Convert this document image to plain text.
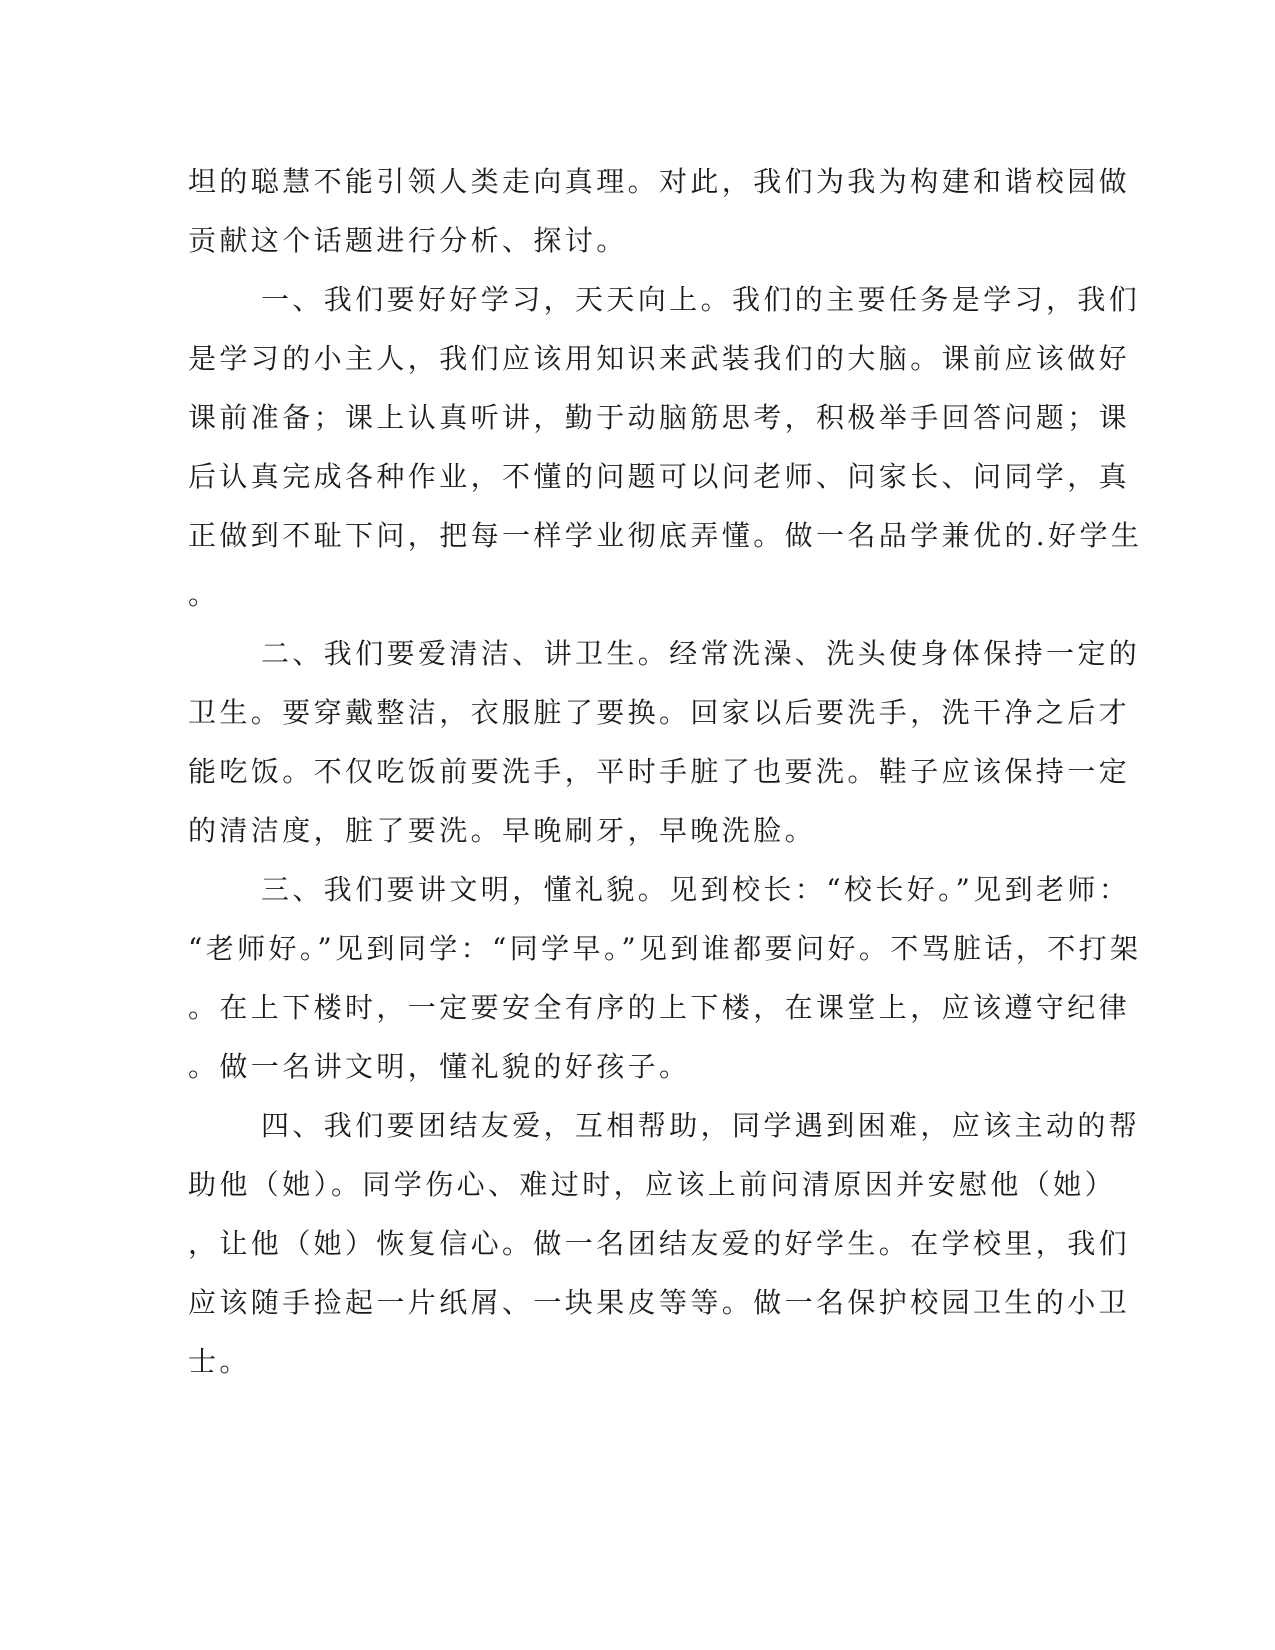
坦的聪慧不能引领人类走向真理。对此，我们为我为构建和谐校园做
贡献这个话题进行分析、探讨。
一、我们要好好学习，天天向上。我们的主要任务是学习，我们
是学习的小主人，我们应该用知识来武装我们的大脑。课前应该做好
课前准备；课上认真听讲，勤于动脑筋思考，积极举手回答问题；课
后认真完成各种作业，不懂的问题可以问老师、问家长、问同学，真
正做到不耻下问，把每一样学业彻底弄懂。做一名品学兼优的.好学生
。
二、我们要爱清洁、讲卫生。经常洗澡、洗头使身体保持一定的
卫生。要穿戴整洁，衣服脏了要换。回家以后要洗手，洗干净之后才
能吃饭。不仅吃饭前要洗手，平时手脏了也要洗。鞋子应该保持一定
的清洁度，脏了要洗。早晚刷牙，早晚洗脸。
三、我们要讲文明，懂礼貌。见到校长：“校长好。”见到老师：
“老师好。”见到同学：“同学早。”见到谁都要问好。不骂脏话，不打架
。在上下楼时，一定要安全有序的上下楼，在课堂上，应该遵守纪律
。做一名讲文明，懂礼貌的好孩子。
四、我们要团结友爱，互相帮助，同学遇到困难，应该主动的帮
助他（她）。同学伤心、难过时，应该上前问清原因并安慰他（她）
，让他（她）恢复信心。做一名团结友爱的好学生。在学校里，我们
应该随手捡起一片纸屑、一块果皮等等。做一名保护校园卫生的小卫
士。
